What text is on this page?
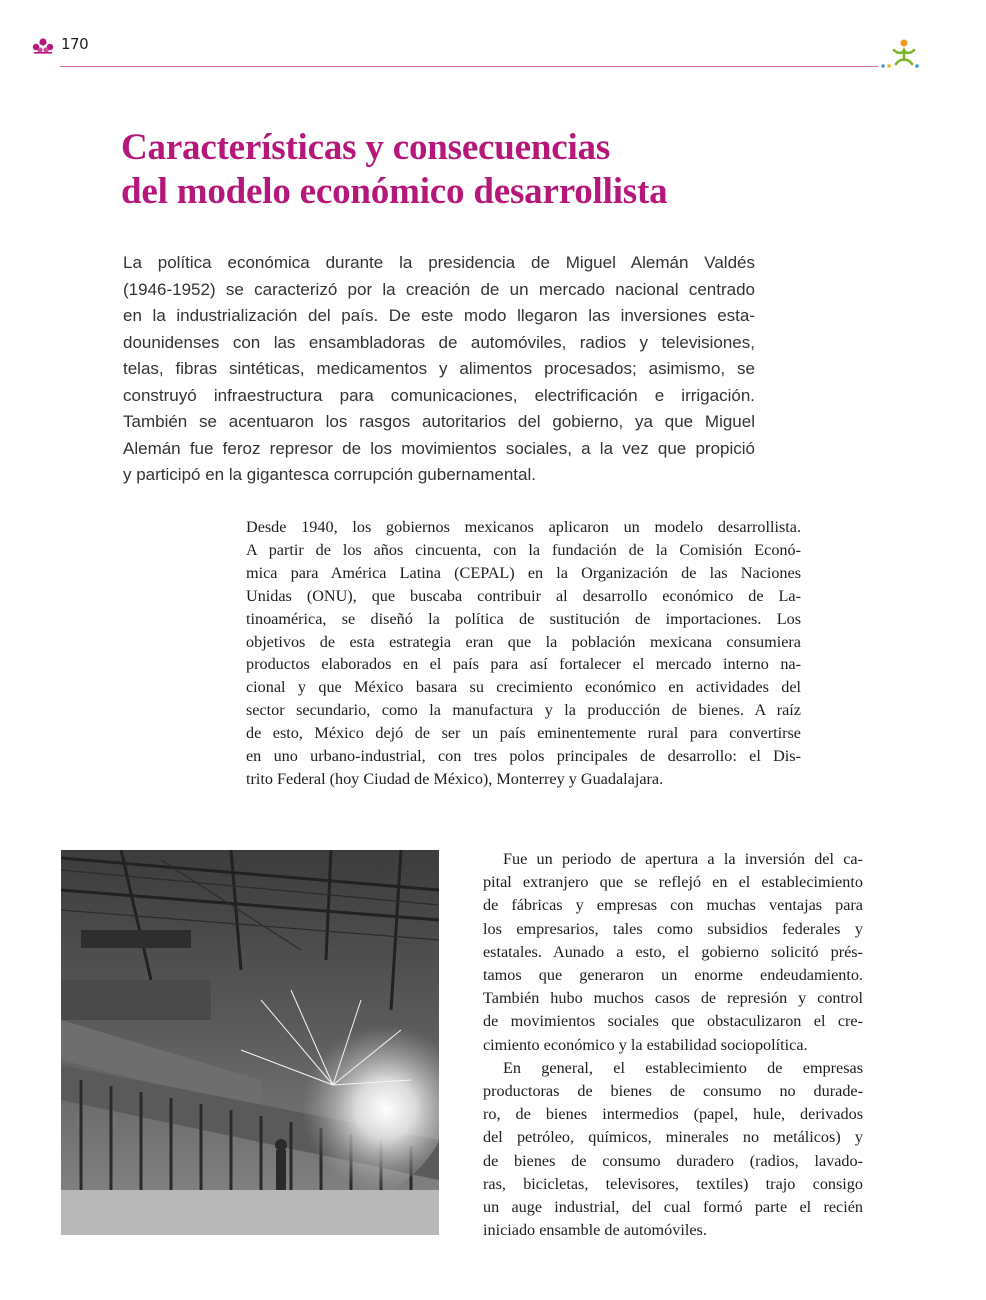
170
Características y consecuencias
del modelo económico desarrollista
La política económica durante la presidencia de Miguel Alemán Valdés
(1946-1952) se caracterizó por la creación de un mercado nacional centrado
en la industrialización del país. De este modo llegaron las inversiones esta-
dounidenses con las ensambladoras de automóviles, radios y televisiones,
telas, fibras sintéticas, medicamentos y alimentos procesados; asimismo, se
construyó infraestructura para comunicaciones, electrificación e irrigación.
También se acentuaron los rasgos autoritarios del gobierno, ya que Miguel
Alemán fue feroz represor de los movimientos sociales, a la vez que propició
y participó en la gigantesca corrupción gubernamental.
Desde 1940, los gobiernos mexicanos aplicaron un modelo desarrollista.
A partir de los años cincuenta, con la fundación de la Comisión Econó-
mica para América Latina (CEPAL) en la Organización de las Naciones
Unidas (ONU), que buscaba contribuir al desarrollo económico de La-
tinoamérica, se diseñó la política de sustitución de importaciones. Los
objetivos de esta estrategia eran que la población mexicana consumiera
productos elaborados en el país para así fortalecer el mercado interno na-
cional y que México basara su crecimiento económico en actividades del
sector secundario, como la manufactura y la producción de bienes. A raíz
de esto, México dejó de ser un país eminentemente rural para convertirse
en uno urbano-industrial, con tres polos principales de desarrollo: el Dis-
trito Federal (hoy Ciudad de México), Monterrey y Guadalajara.
Fue un periodo de apertura a la inversión del ca-
pital extranjero que se reflejó en el establecimiento
de fábricas y empresas con muchas ventajas para
los empresarios, tales como subsidios federales y
estatales. Aunado a esto, el gobierno solicitó prés-
tamos que generaron un enorme endeudamiento.
También hubo muchos casos de represión y control
de movimientos sociales que obstaculizaron el cre-
cimiento económico y la estabilidad sociopolítica.
En general, el establecimiento de empresas
productoras de bienes de consumo no durade-
ro, de bienes intermedios (papel, hule, derivados
del petróleo, químicos, minerales no metálicos) y
de bienes de consumo duradero (radios, lavado-
ras, bicicletas, televisores, textiles) trajo consigo
un auge industrial, del cual formó parte el recién
iniciado ensamble de automóviles.
